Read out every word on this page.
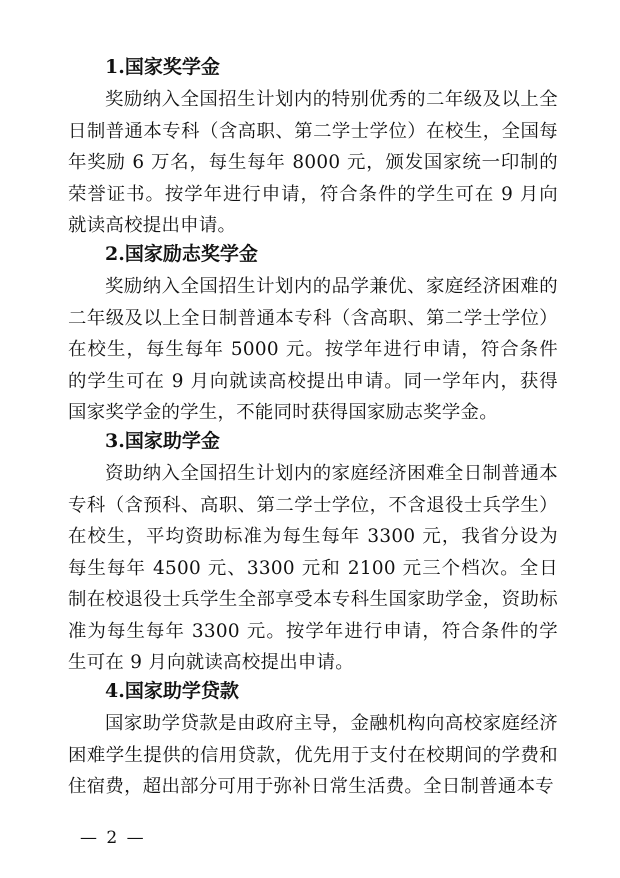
1.国家奖学金

奖励纳入全国招生计划内的特别优秀的二年级及以上全日制普通本专科（含高职、第二学士学位）在校生，全国每年奖励 6 万名，每生每年 8000 元，颁发国家统一印制的荣誉证书。按学年进行申请，符合条件的学生可在 9 月向就读高校提出申请。

2.国家励志奖学金

奖励纳入全国招生计划内的品学兼优、家庭经济困难的二年级及以上全日制普通本专科（含高职、第二学士学位）在校生，每生每年 5000 元。按学年进行申请，符合条件的学生可在 9 月向就读高校提出申请。同一学年内，获得国家奖学金的学生，不能同时获得国家励志奖学金。

3.国家助学金

资助纳入全国招生计划内的家庭经济困难全日制普通本专科（含预科、高职、第二学士学位，不含退役士兵学生）在校生，平均资助标准为每生每年 3300 元，我省分设为每生每年 4500 元、3300 元和 2100 元三个档次。全日制在校退役士兵学生全部享受本专科生国家助学金，资助标准为每生每年 3300 元。按学年进行申请，符合条件的学生可在 9 月向就读高校提出申请。

4.国家助学贷款

国家助学贷款是由政府主导，金融机构向高校家庭经济困难学生提供的信用贷款，优先用于支付在校期间的学费和住宿费，超出部分可用于弥补日常生活费。全日制普通本专

— 2 —
